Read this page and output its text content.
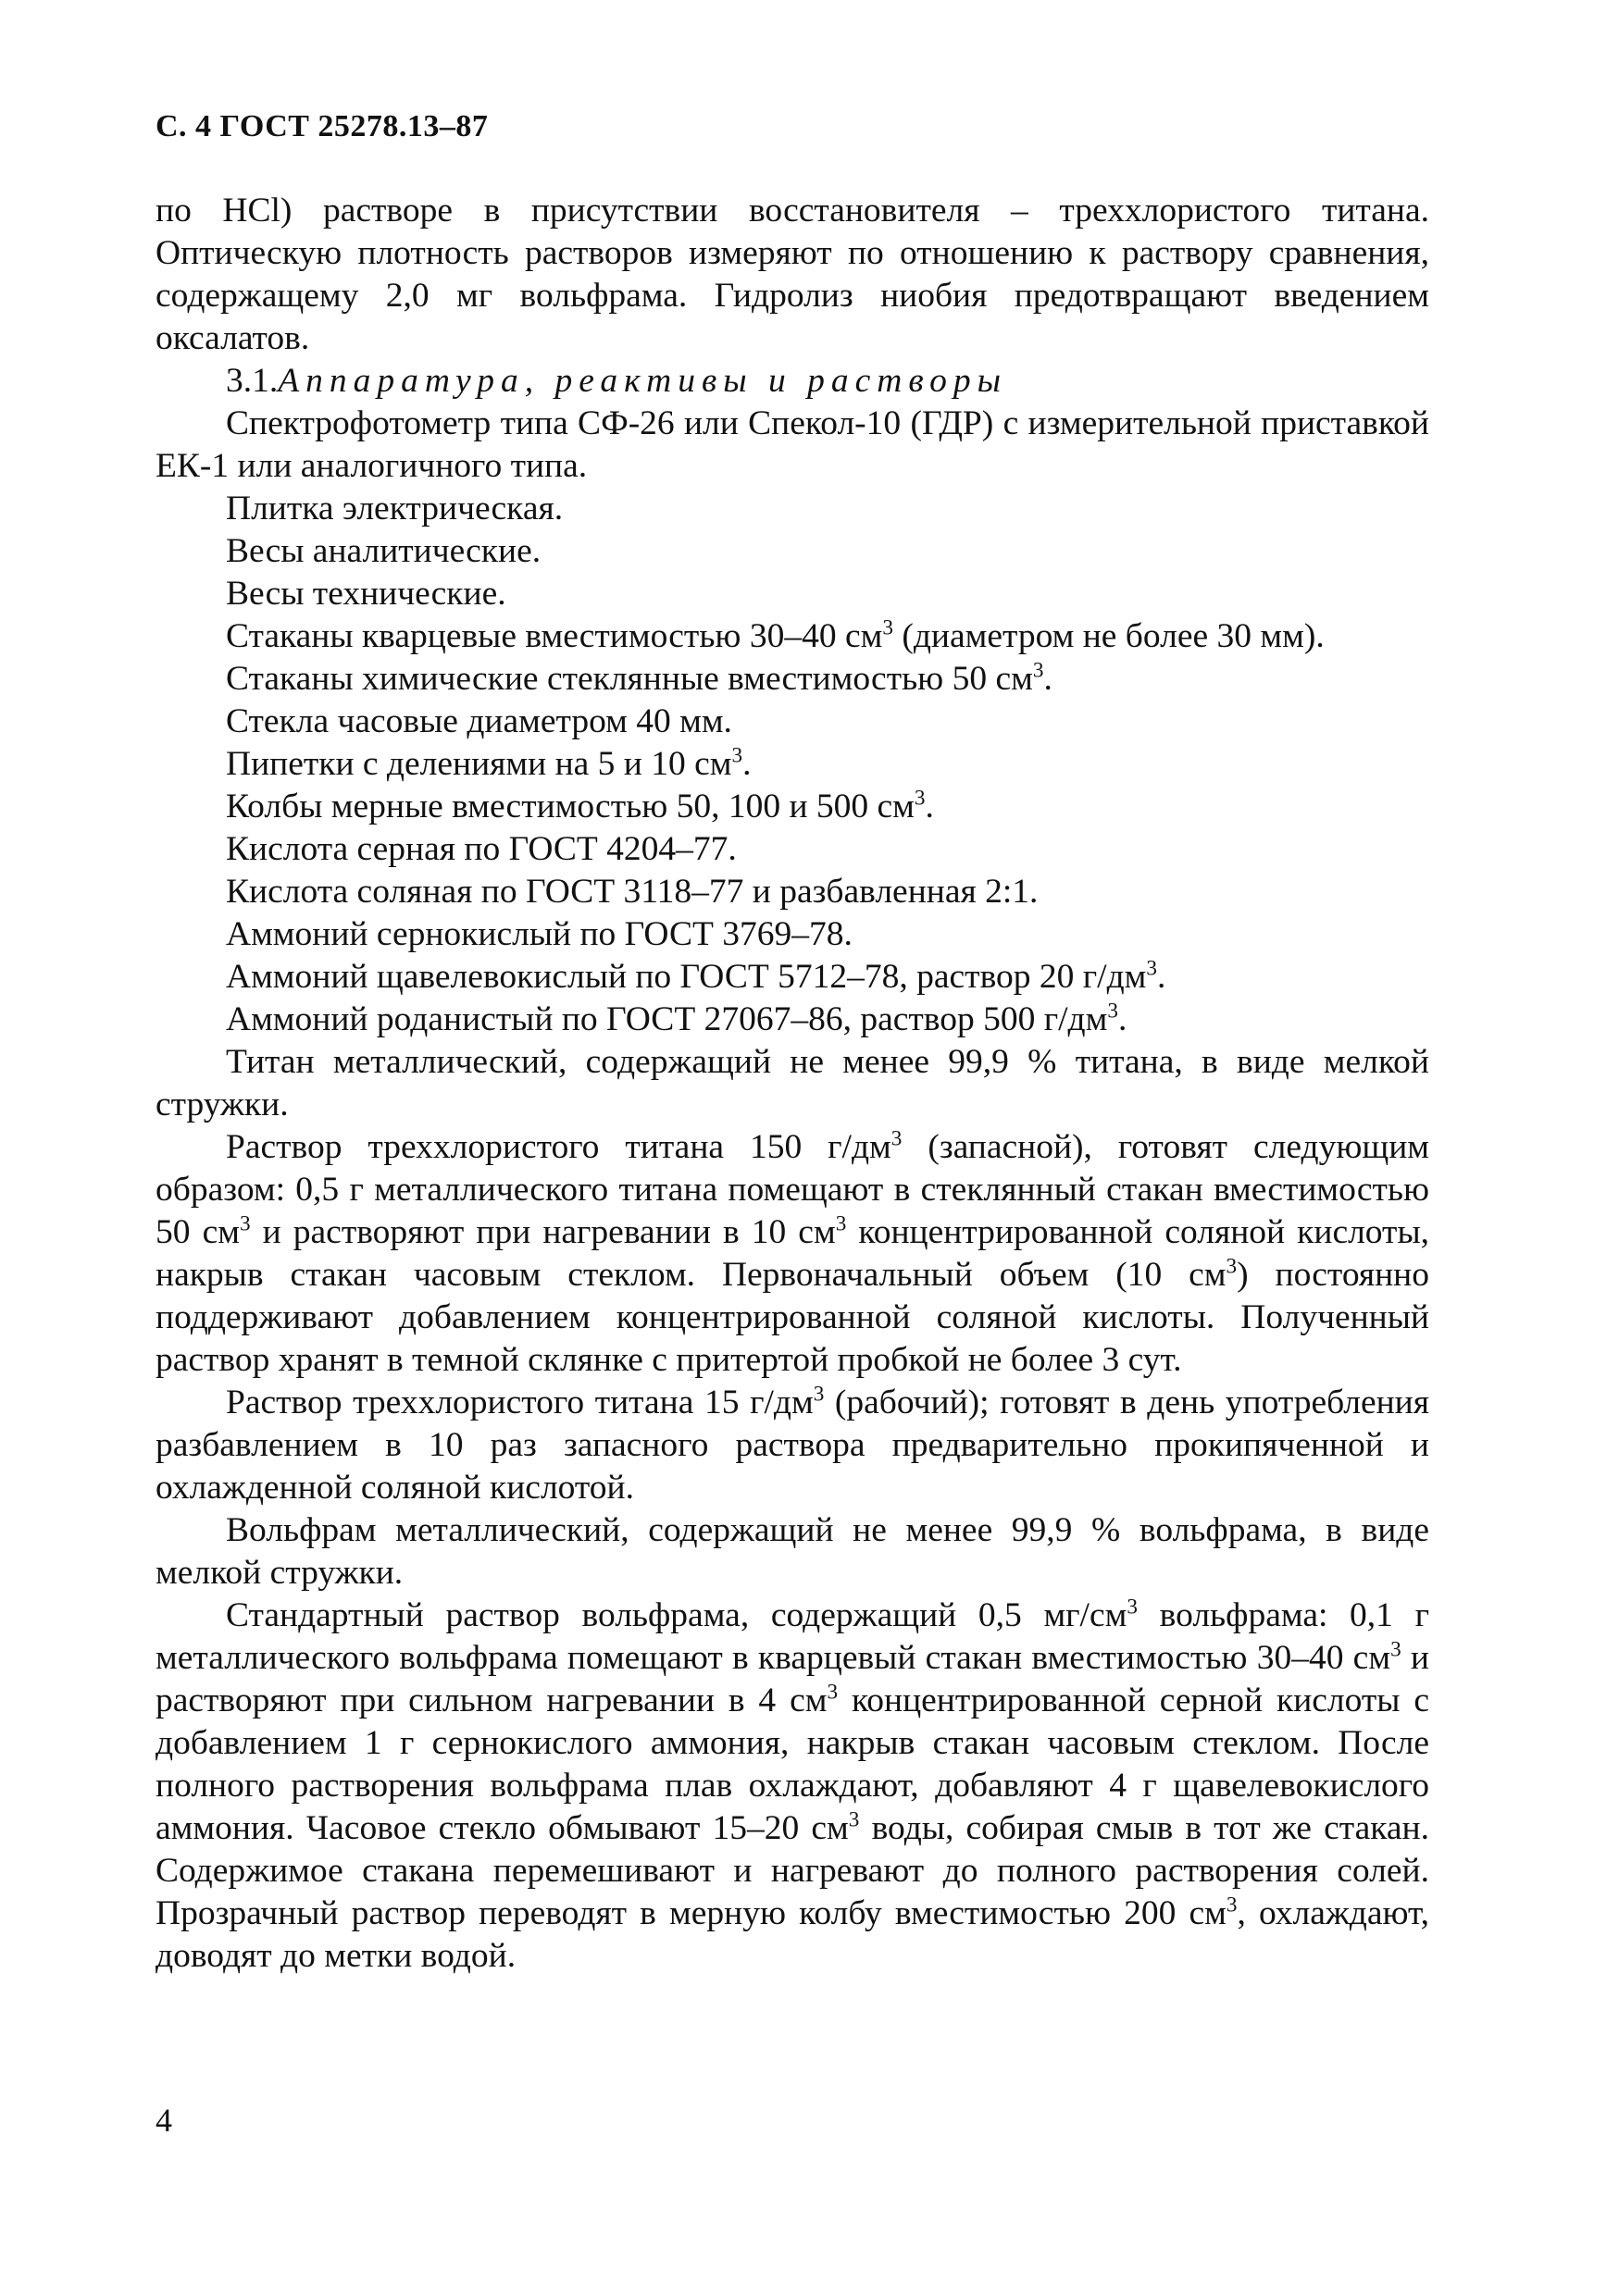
С. 4 ГОСТ 25278.13–87

по HCl) растворе в присутствии восстановителя – треххлористого титана. Оптическую плотность растворов измеряют по отношению к раствору сравнения, содержащему 2,0 мг вольфрама. Гидролиз ниобия предотвращают введением оксалатов.

3.1.Аппаратура, реактивы и растворы

Спектрофотометр типа СФ-26 или Спекол-10 (ГДР) с измерительной приставкой ЕК-1 или аналогичного типа.

Плитка электрическая.

Весы аналитические.

Весы технические.

Стаканы кварцевые вместимостью 30–40 $см^3$ (диаметром не более 30 мм).

Стаканы химические стеклянные вместимостью 50 $см^3$.

Стекла часовые диаметром 40 мм.

Пипетки с делениями на 5 и 10 $см^3$.

Колбы мерные вместимостью 50, 100 и 500 $см^3$.

Кислота серная по ГОСТ 4204–77.

Кислота соляная по ГОСТ 3118–77 и разбавленная 2:1.

Аммоний сернокислый по ГОСТ 3769–78.

Аммоний щавелевокислый по ГОСТ 5712–78, раствор 20 $г/дм^3$.

Аммоний роданистый по ГОСТ 27067–86, раствор 500 $г/дм^3$.

Титан металлический, содержащий не менее 99,9 % титана, в виде мелкой стружки.

Раствор треххлористого титана 150 $г/дм^3$ (запасной), готовят следующим образом: 0,5 г металлического титана помещают в стеклянный стакан вместимостью 50 $см^3$ и растворяют при нагревании в 10 $см^3$ концентрированной соляной кислоты, накрыв стакан часовым стеклом. Первоначальный объем (10 $см^3$) постоянно поддерживают добавлением концентрированной соляной кислоты. Полученный раствор хранят в темной склянке с притертой пробкой не более 3 сут.

Раствор треххлористого титана 15 $г/дм^3$ (рабочий); готовят в день употребления разбавлением в 10 раз запасного раствора предварительно прокипяченной и охлажденной соляной кислотой.

Вольфрам металлический, содержащий не менее 99,9 % вольфрама, в виде мелкой стружки.

Стандартный раствор вольфрама, содержащий 0,5 $мг/см^3$ вольфрама: 0,1 г металлического вольфрама помещают в кварцевый стакан вместимостью 30–40 $см^3$ и растворяют при сильном нагревании в 4 $см^3$ концентрированной серной кислоты с добавлением 1 г сернокислого аммония, накрыв стакан часовым стеклом. После полного растворения вольфрама плав охлаждают, добавляют 4 г щавелевокислого аммония. Часовое стекло обмывают 15–20 $см^3$ воды, собирая смыв в тот же стакан. Содержимое стакана перемешивают и нагревают до полного растворения солей. Прозрачный раствор переводят в мерную колбу вместимостью 200 $см^3$, охлаждают, доводят до метки водой.

4
